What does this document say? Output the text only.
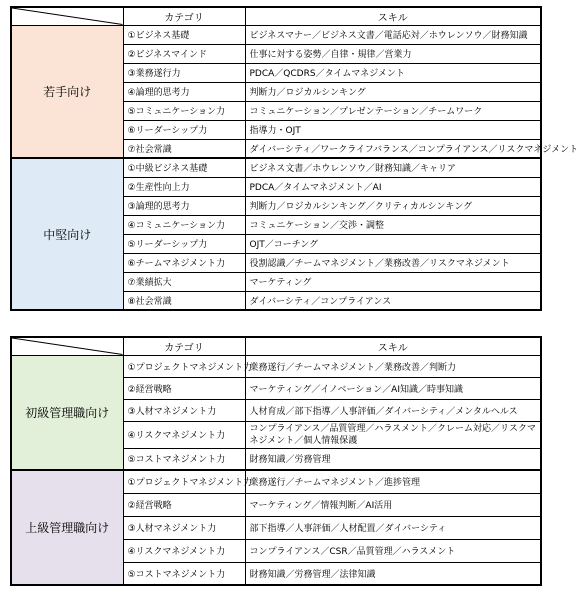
	カテゴリ	スキル
若手向け	①ビジネス基礎	ビジネスマナー／ビジネス文書／電話応対／ホウレンソウ／財務知識
	②ビジネスマインド	仕事に対する姿勢／自律・規律／営業力
	③業務遂行力	PDCA／QCDRS／タイムマネジメント
	④論理的思考力	判断力／ロジカルシンキング
	⑤コミュニケーション力	コミュニケーション／プレゼンテーション／チームワーク
	⑥リーダーシップ力	指導力・OJT
	⑦社会常識	ダイバーシティ／ワークライフバランス／コンプライアンス／リスクマネジメント
中堅向け	①中級ビジネス基礎	ビジネス文書／ホウレンソウ／財務知識／キャリア
	②生産性向上力	PDCA／タイムマネジメント／AI
	③論理的思考力	判断力／ロジカルシンキング／クリティカルシンキング
	④コミュニケーション力	コミュニケーション／交渉・調整
	⑤リーダーシップ力	OJT／コーチング
	⑥チームマネジメント力	役割認識／チームマネジメント／業務改善／リスクマネジメント
	⑦業績拡大	マーケティング
	⑧社会常識	ダイバーシティ／コンプライアンス
	カテゴリ	スキル
初級管理職向け	①プロジェクトマネジメント力	業務遂行／チームマネジメント／業務改善／判断力
	②経営戦略	マーケティング／イノベーション／AI知識／時事知識
	③人材マネジメント力	人材育成／部下指導／人事評価／ダイバーシティ／メンタルヘルス
	④リスクマネジメント力	コンプライアンス／品質管理／ハラスメント／クレーム対応／リスクマネジメント／個人情報保護
	⑤コストマネジメント力	財務知識／労務管理
上級管理職向け	①プロジェクトマネジメント力	業務遂行／チームマネジメント／進捗管理
	②経営戦略	マーケティング／情報判断／AI活用
	③人材マネジメント力	部下指導／人事評価／人材配置／ダイバーシティ
	④リスクマネジメント力	コンプライアンス／CSR／品質管理／ハラスメント
	⑤コストマネジメント力	財務知識／労務管理／法律知識
